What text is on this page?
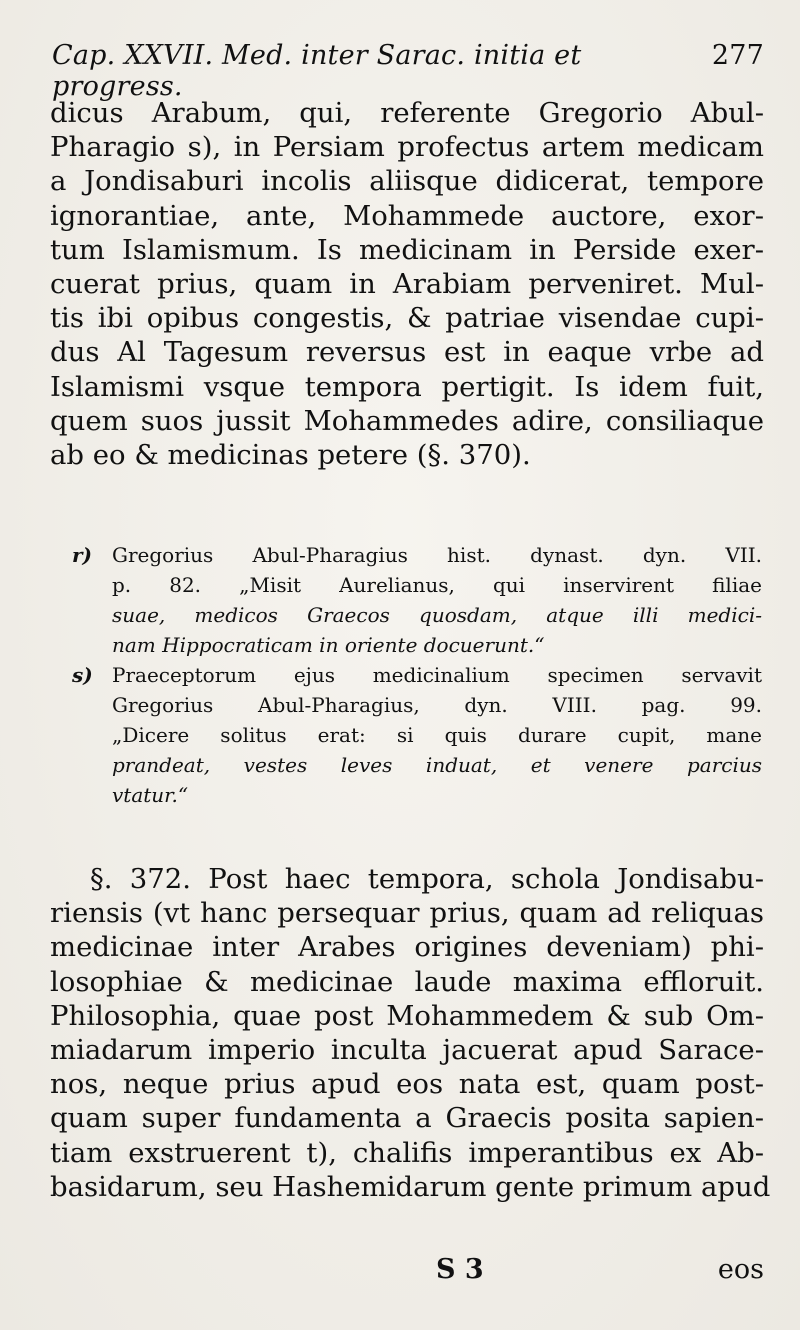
Cap. XXVII. Med. inter Sarac. initia et progress.
277
dicus Arabum, qui, referente Gregorio Abul-
Pharagio s), in Persiam profectus artem medicam
a Jondisaburi incolis aliisque didicerat, tempore
ignorantiae, ante, Mohammede auctore, exor-
tum Islamismum. Is medicinam in Perside exer-
cuerat prius, quam in Arabiam perveniret. Mul-
tis ibi opibus congestis, & patriae visendae cupi-
dus Al Tagesum reversus est in eaque vrbe ad
Islamismi vsque tempora pertigit. Is idem fuit,
quem suos jussit Mohammedes adire, consiliaque
ab eo & medicinas petere (§. 370).
r) Gregorius Abul-Pharagius hist. dynast. dyn. VII.
p. 82. „Misit Aurelianus, qui inservirent filiae
suae, medicos Graecos quosdam, atque illi medici-
nam Hippocraticam in oriente docuerunt.“
s) Praeceptorum ejus medicinalium specimen servavit
Gregorius Abul-Pharagius, dyn. VIII. pag. 99.
„Dicere solitus erat: si quis durare cupit, mane
prandeat, vestes leves induat, et venere parcius
vtatur.“
§. 372. Post haec tempora, schola Jondisabu-
riensis (vt hanc persequar prius, quam ad reliquas
medicinae inter Arabes origines deveniam) phi-
losophiae & medicinae laude maxima effloruit.
Philosophia, quae post Mohammedem & sub Om-
miadarum imperio inculta jacuerat apud Sarace-
nos, neque prius apud eos nata est, quam post-
quam super fundamenta a Graecis posita sapien-
tiam exstruerent t), chalifis imperantibus ex Ab-
basidarum, seu Hashemidarum gente primum apud
S 3	eos
